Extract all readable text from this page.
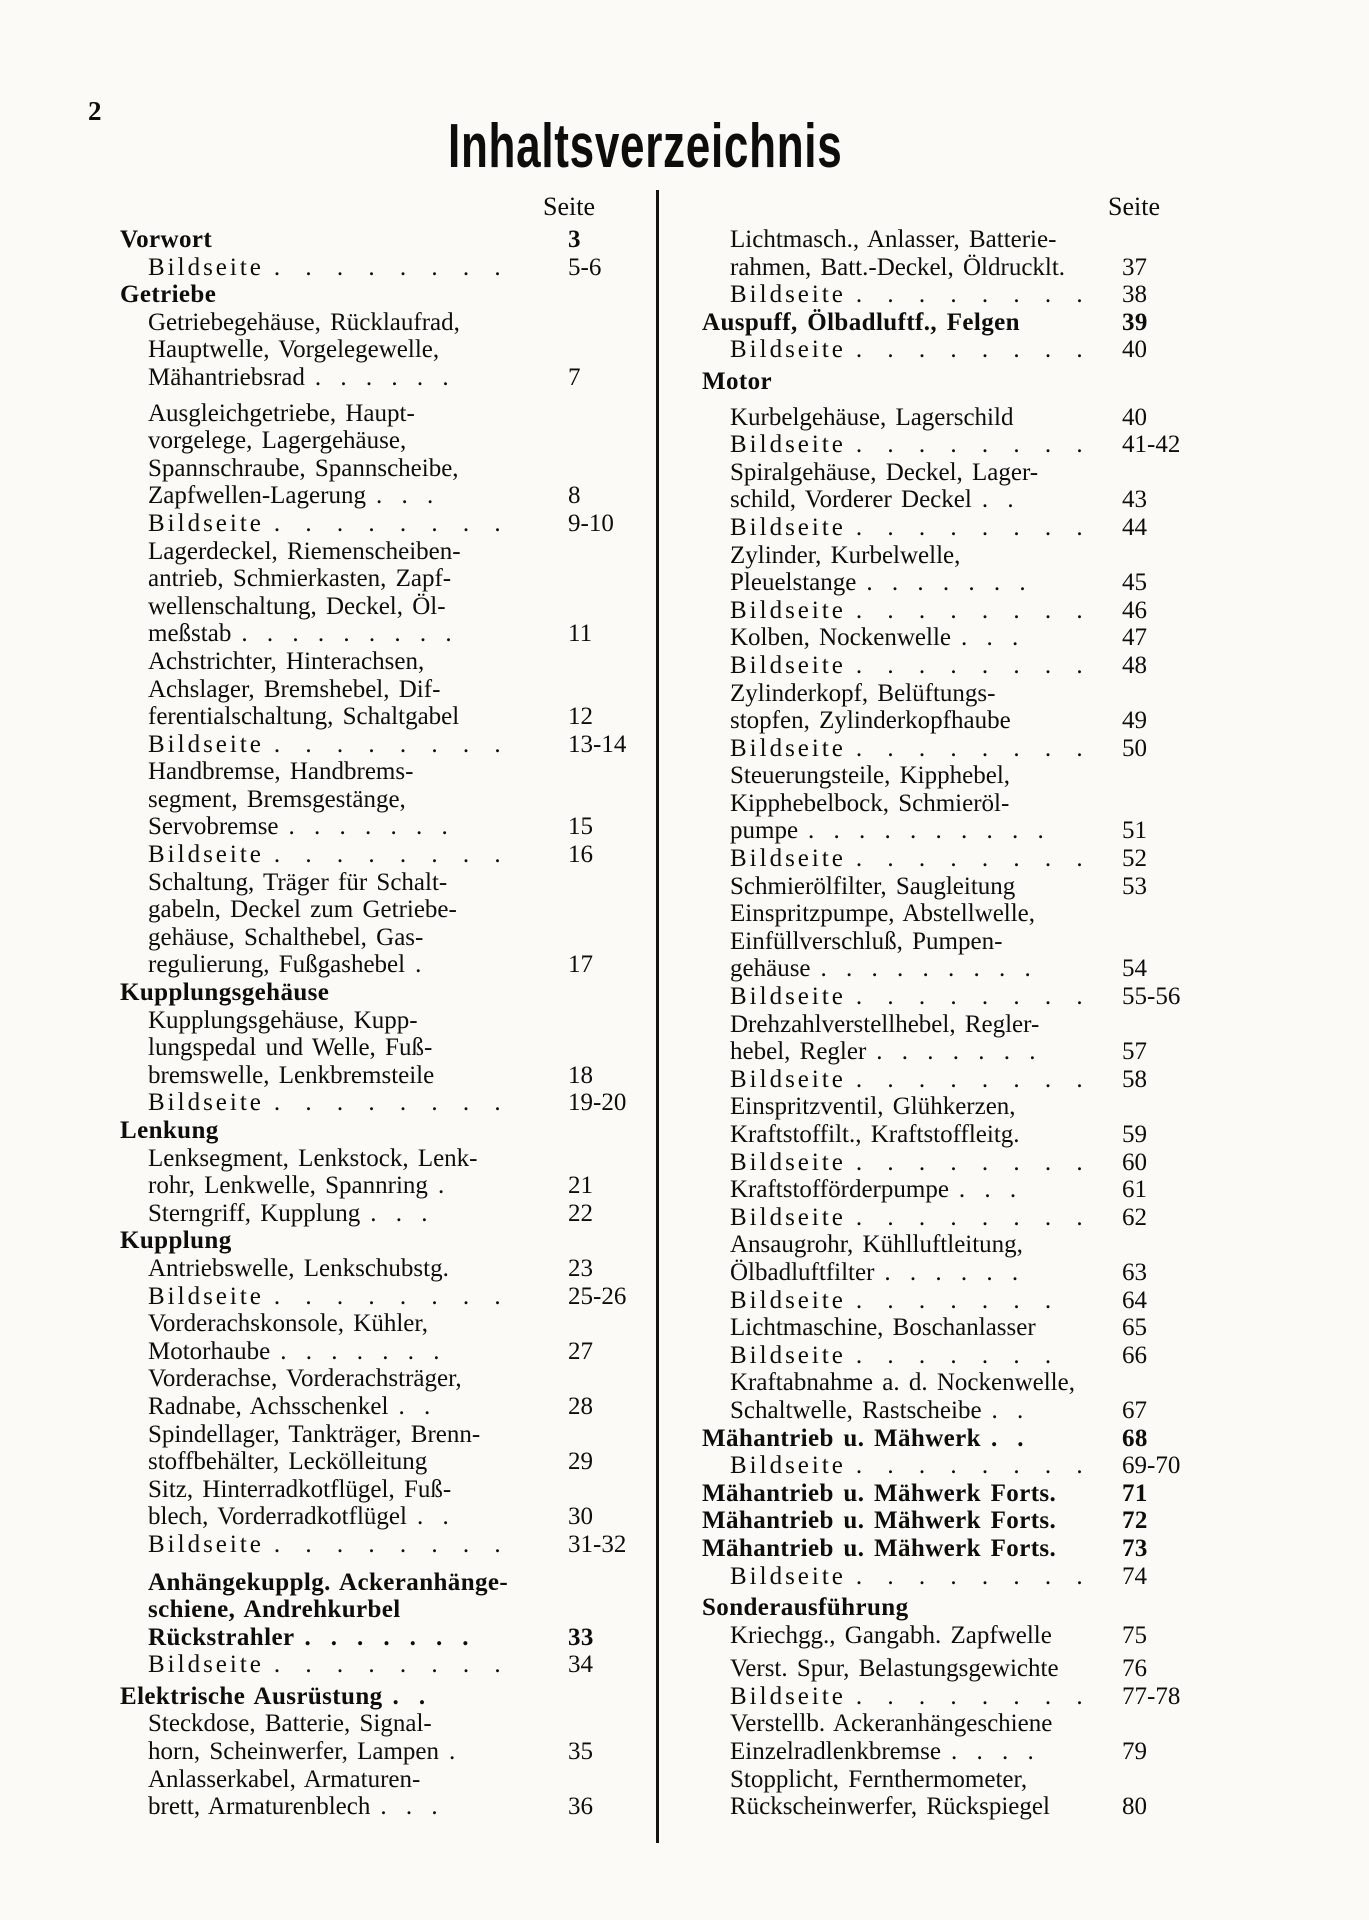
2
Inhaltsverzeichnis
Seite	Seite
Vorwort	3
Bildseite . . . . . . . .	5-6
Getriebe
Getriebegehäuse, Rücklaufrad,
Hauptwelle, Vorgelegewelle,
Mähantriebsrad . . . . . .	7
Ausgleichgetriebe, Haupt-
vorgelege, Lagergehäuse,
Spannschraube, Spannscheibe,
Zapfwellen-Lagerung . . .	8
Bildseite . . . . . . . .	9-10
Lagerdeckel, Riemenscheiben-
antrieb, Schmierkasten, Zapf-
wellenschaltung, Deckel, Öl-
meßstab . . . . . . . . .	11
Achstrichter, Hinterachsen,
Achslager, Bremshebel, Dif-
ferentialschaltung, Schaltgabel	12
Bildseite . . . . . . . .	13-14
Handbremse, Handbrems-
segment, Bremsgestänge,
Servobremse . . . . . . .	15
Bildseite . . . . . . . .	16
Schaltung, Träger für Schalt-
gabeln, Deckel zum Getriebe-
gehäuse, Schalthebel, Gas-
regulierung, Fußgashebel .	17
Kupplungsgehäuse
Kupplungsgehäuse, Kupp-
lungspedal und Welle, Fuß-
bremswelle, Lenkbremsteile	18
Bildseite . . . . . . . .	19-20
Lenkung
Lenksegment, Lenkstock, Lenk-
rohr, Lenkwelle, Spannring .	21
Sterngriff, Kupplung . . .	22
Kupplung
Antriebswelle, Lenkschubstg.	23
Bildseite . . . . . . . .	25-26
Vorderachskonsole, Kühler,
Motorhaube . . . . . . .	27
Vorderachse, Vorderachsträger,
Radnabe, Achsschenkel . .	28
Spindellager, Tankträger, Brenn-
stoffbehälter, Leckölleitung	29
Sitz, Hinterradkotflügel, Fuß-
blech, Vorderradkotflügel . .	30
Bildseite . . . . . . . .	31-32
Anhängekupplg. Ackeranhänge-
schiene, Andrehkurbel
Rückstrahler . . . . . . .	33
Bildseite . . . . . . . .	34
Elektrische Ausrüstung . .
Steckdose, Batterie, Signal-
horn, Scheinwerfer, Lampen .	35
Anlasserkabel, Armaturen-
brett, Armaturenblech . . .	36
Lichtmasch., Anlasser, Batterie-
rahmen, Batt.-Deckel, Öldrucklt. 37
Bildseite . . . . . . . . 38
Auspuff, Ölbadluftf., Felgen	39
Bildseite . . . . . . . . 40
Motor
Kurbelgehäuse, Lagerschild	40
Bildseite . . . . . . . . 41-42
Spiralgehäuse, Deckel, Lager-
schild, Vorderer Deckel . .	43
Bildseite . . . . . . . . 44
Zylinder, Kurbelwelle,
Pleuelstange . . . . . . .	45
Bildseite . . . . . . . . 46
Kolben, Nockenwelle . . .	47
Bildseite . . . . . . . . 48
Zylinderkopf, Belüftungs-
stopfen, Zylinderkopfhaube	49
Bildseite . . . . . . . . 50
Steuerungsteile, Kipphebel,
Kipphebelbock, Schmieröl-
pumpe . . . . . . . . . .	51
Bildseite . . . . . . . . 52
Schmierölfilter, Saugleitung	53
Einspritzpumpe, Abstellwelle,
Einfüllverschluß, Pumpen-
gehäuse . . . . . . . . .	54
Bildseite . . . . . . . . 55-56
Drehzahlverstellhebel, Regler-
hebel, Regler . . . . . . .	57
Bildseite . . . . . . . . 58
Einspritzventil, Glühkerzen,
Kraftstoffilt., Kraftstoffleitg.	59
Bildseite . . . . . . . . 60
Kraftstofförderpumpe . . .	61
Bildseite . . . . . . . . 62
Ansaugrohr, Kühlluftleitung,
Ölbadluftfilter . . . . . .	63
Bildseite . . . . . . .	64
Lichtmaschine, Boschanlasser	65
Bildseite . . . . . . .	66
Kraftabnahme a. d. Nockenwelle,
Schaltwelle, Rastscheibe . .	67
Mähantrieb u. Mähwerk . .	68
Bildseite . . . . . . . . 69-70
Mähantrieb u. Mähwerk Forts.	71
Mähantrieb u. Mähwerk Forts.	72
Mähantrieb u. Mähwerk Forts.	73
Bildseite . . . . . . . . 74
Sonderausführung
Kriechgg., Gangabh. Zapfwelle	75
Verst. Spur, Belastungsgewichte	76
Bildseite . . . . . . . . 77-78
Verstellb. Ackeranhängeschiene
Einzelradlenkbremse . . . .	79
Stopplicht, Fernthermometer,
Rückscheinwerfer, Rückspiegel	80
